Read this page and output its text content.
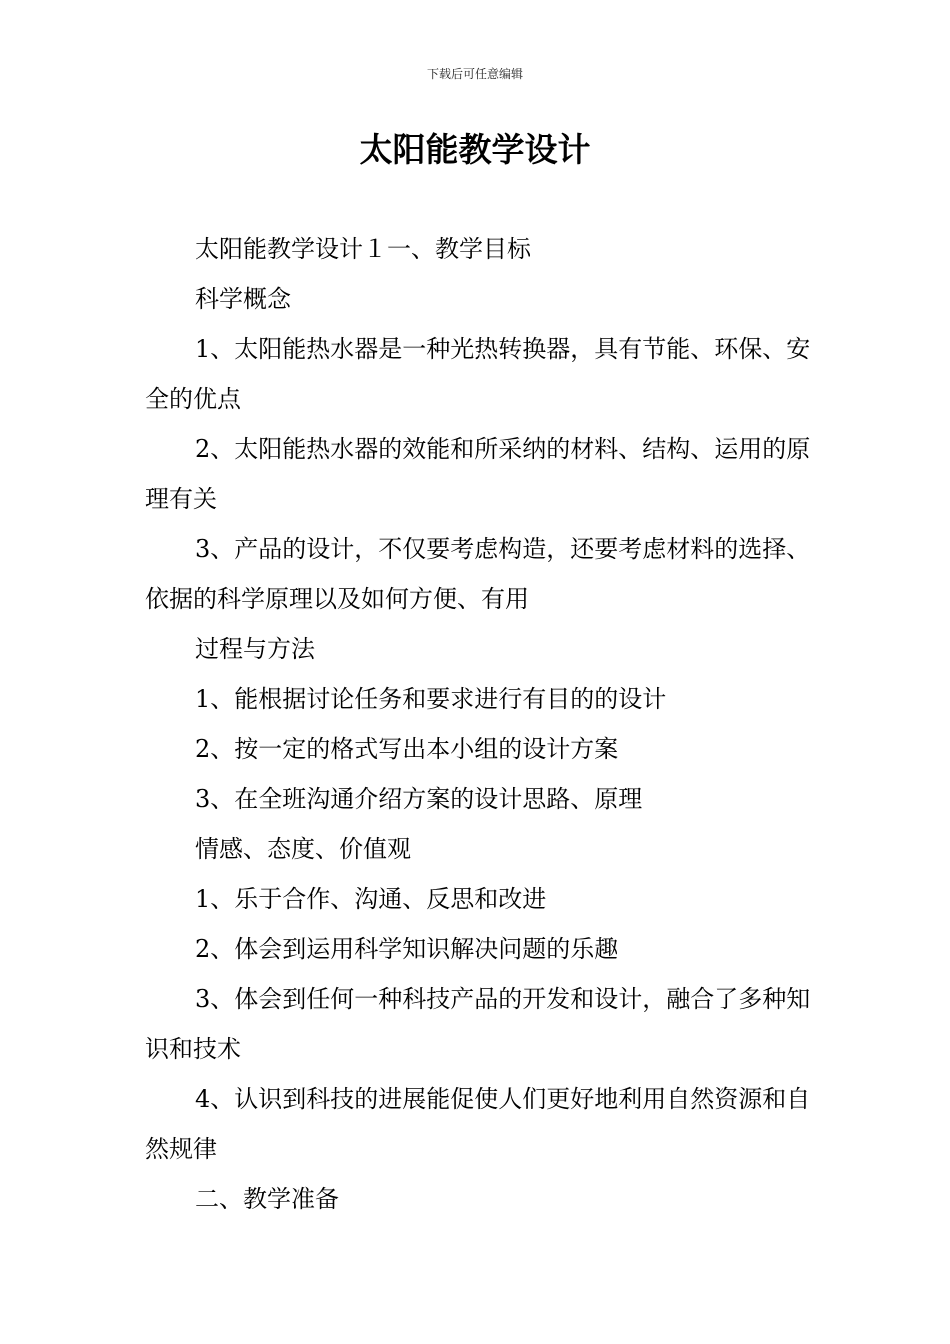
下载后可任意编辑
太阳能教学设计

太阳能教学设计１一、教学目标

科学概念

1、太阳能热水器是一种光热转换器，具有节能、环保、安全的优点

2、太阳能热水器的效能和所采纳的材料、结构、运用的原理有关

3、产品的设计，不仅要考虑构造，还要考虑材料的选择、依据的科学原理以及如何方便、有用

过程与方法

1、能根据讨论任务和要求进行有目的的设计

2、按一定的格式写出本小组的设计方案

3、在全班沟通介绍方案的设计思路、原理

情感、态度、价值观

1、乐于合作、沟通、反思和改进

2、体会到运用科学知识解决问题的乐趣

3、体会到任何一种科技产品的开发和设计，融合了多种知识和技术

4、认识到科技的进展能促使人们更好地利用自然资源和自然规律

二、教学准备
